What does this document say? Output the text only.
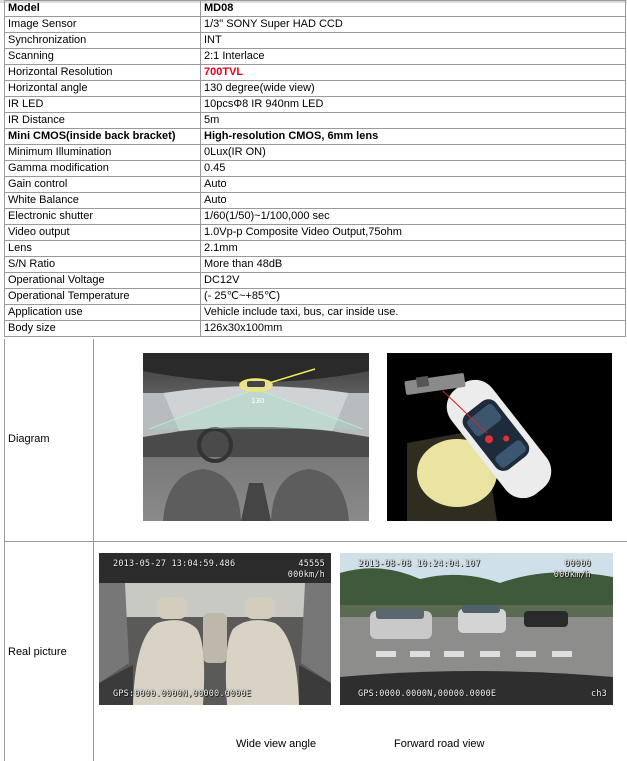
Model	MD08
Image Sensor	1/3" SONY Super HAD CCD
Synchronization	INT
Scanning	2:1 Interlace
Horizontal Resolution	700TVL
Horizontal angle	130 degree(wide view)
IR LED	10pcsΦ8 IR 940nm LED
IR Distance	5m
Mini CMOS(inside back bracket)	High-resolution CMOS, 6mm lens
Minimum Illumination	0Lux(IR ON)
Gamma modification	0.45
Gain control	Auto
White Balance	Auto
Electronic shutter	1/60(1/50)~1/100,000 sec
Video output	1.0Vp-p Composite Video Output,75ohm
Lens	2.1mm
S/N Ratio	More than 48dB
Operational Voltage	DC12V
Operational Temperature	(- 25℃~+85℃)
Application use	Vehicle include taxi, bus, car inside use.
Body size	126x30x100mm
Diagram
130
Real picture
2013-05-27 13:04:59.486	45555
000km/h
GPS:0000.0000N,00000.0000E
2013-08-08 10:24:04.107	00000
000km/h
GPS:0000.0000N,00000.0000E	ch3
Wide view angle	Forward road view
